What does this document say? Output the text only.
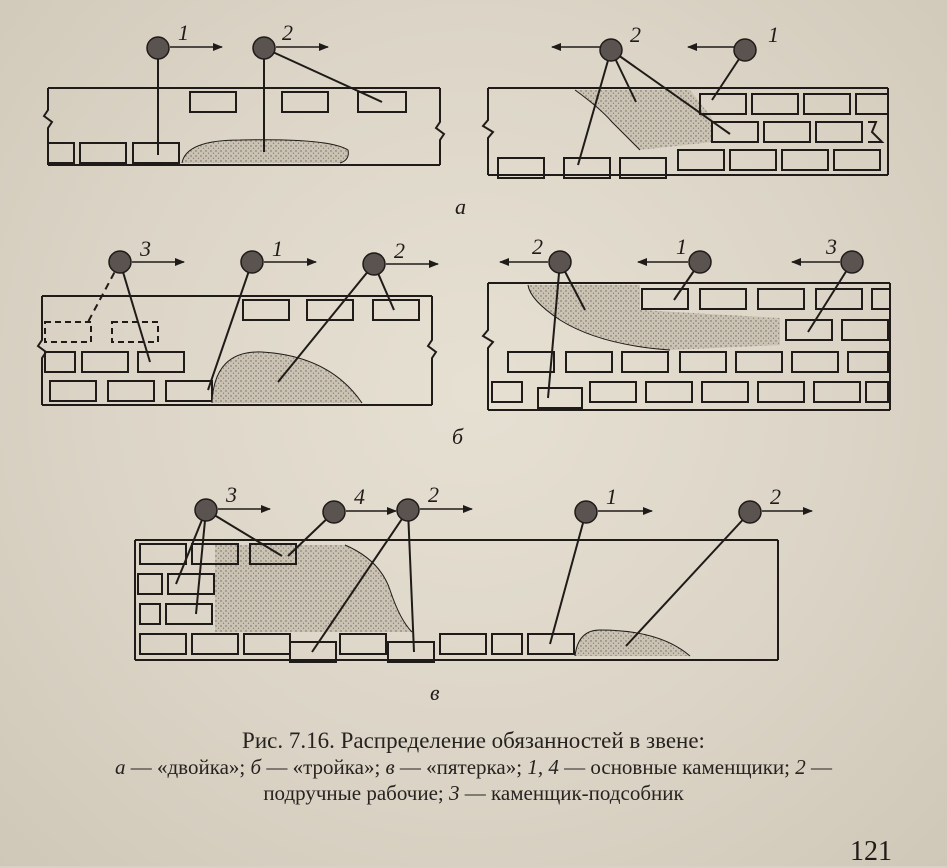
1	2	2	1
3	1	2	2	1	3
3	4	2	1	2
а
б
в
Рис. 7.16. Распределение обязанностей в звене:
a — «двойка»; б — «тройка»; в — «пятерка»; 1, 4 — основные каменщики; 2 —
подручные рабочие; 3 — каменщик-подсобник
121
